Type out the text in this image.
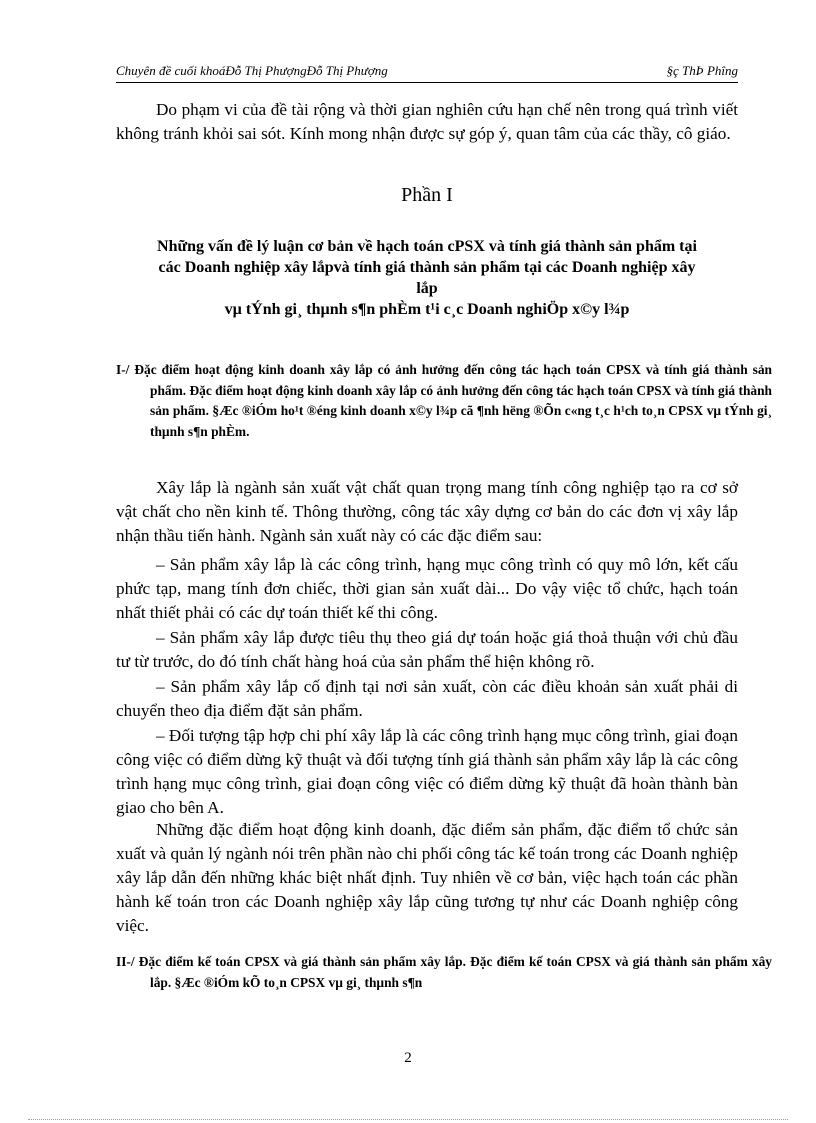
Chuyên đề cuối khoáĐỗ Thị PhượngĐỗ Thị Phượng	§ç ThÞ Phîng
Do phạm vi của đề tài rộng và thời gian nghiên cứu hạn chế nên trong quá trình viết không tránh khỏi sai sót. Kính mong nhận được sự góp ý, quan tâm của các thầy, cô giáo.
Phần I
Những vấn đề lý luận cơ bản về hạch toán cPSX và tính giá thành sản phẩm tại
các Doanh nghiệp xây lắpvà tính giá thành sản phẩm tại các Doanh nghiệp xây
lắp
vµ tÝnh gi¸ thµnh s¶n phÈm t¹i c¸c Doanh nghiÖp x©y l¾p
I-/ Đặc điểm hoạt động kinh doanh xây lắp có ảnh hưởng đến công tác hạch toán CPSX và tính giá thành sản phẩm. Đặc điểm hoạt động kinh doanh xây lắp có ảnh hưởng đến công tác hạch toán CPSX và tính giá thành sản phẩm. §Æc ®iÓm ho¹t ®éng kinh doanh x©y l¾p cã ¶nh hëng ®Õn c«ng t¸c h¹ch to¸n CPSX vµ tÝnh gi¸ thµnh s¶n phÈm.
Xây lắp là ngành sản xuất vật chất quan trọng mang tính công nghiệp tạo ra cơ sở vật chất cho nền kinh tế. Thông thường, công tác xây dựng cơ bản do các đơn vị xây lắp nhận thầu tiến hành. Ngành sản xuất này có các đặc điểm sau:
– Sản phẩm xây lắp là các công trình, hạng mục công trình có quy mô lớn, kết cấu phức tạp, mang tính đơn chiếc, thời gian sản xuất dài... Do vậy việc tổ chức, hạch toán nhất thiết phải có các dự toán thiết kế thi công.
– Sản phẩm xây lắp được tiêu thụ theo giá dự toán hoặc giá thoả thuận với chủ đầu tư từ trước, do đó tính chất hàng hoá của sản phẩm thể hiện không rõ.
– Sản phẩm xây lắp cố định tại nơi sản xuất, còn các điều khoản sản xuất phải di chuyển theo địa điểm đặt sản phẩm.
– Đối tượng tập hợp chi phí xây lắp là các công trình hạng mục công trình, giai đoạn công việc có điểm dừng kỹ thuật và đối tượng tính giá thành sản phẩm xây lắp là các công trình hạng mục công trình, giai đoạn công việc có điểm dừng kỹ thuật đã hoàn thành bàn giao cho bên A.
Những đặc điểm hoạt động kinh doanh, đặc điểm sản phẩm, đặc điểm tổ chức sản xuất và quản lý ngành nói trên phần nào chi phối công tác kế toán trong các Doanh nghiệp xây lắp dẫn đến những khác biệt nhất định. Tuy nhiên về cơ bản, việc hạch toán các phần hành kế toán tron các Doanh nghiệp xây lắp cũng tương tự như các Doanh nghiệp công việc.
II-/ Đặc điểm kế toán CPSX và giá thành sản phẩm xây lắp. Đặc điểm kế toán CPSX và giá thành sản phẩm xây lắp. §Æc ®iÓm kÕ to¸n CPSX vµ gi¸ thµnh s¶n
2
